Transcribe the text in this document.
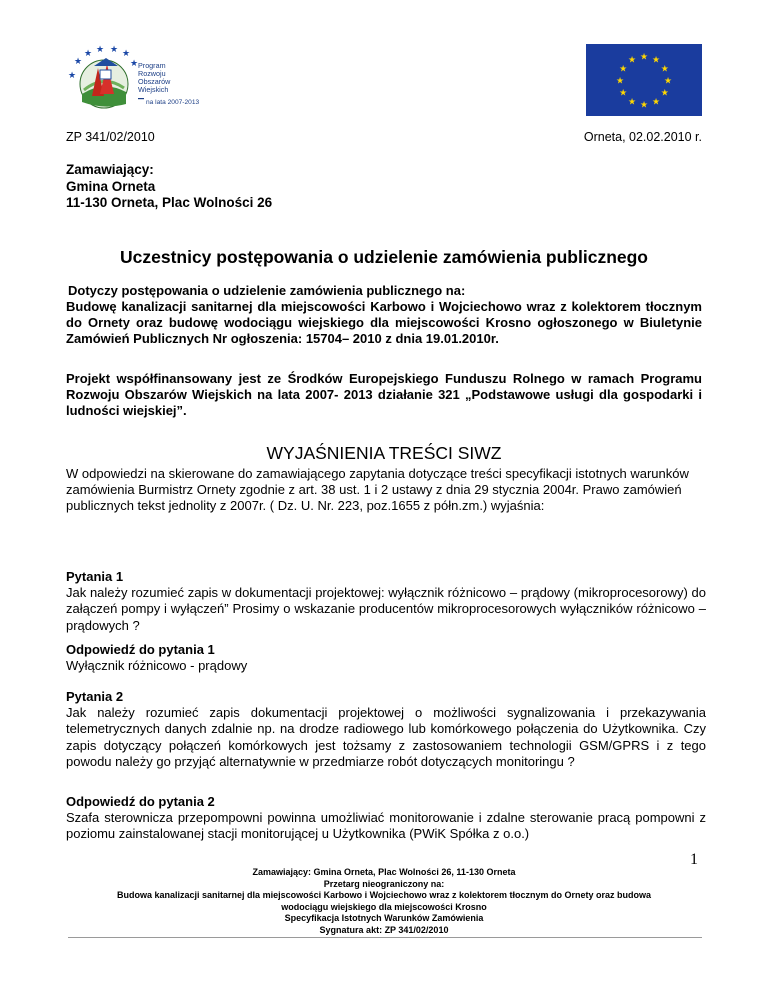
★
★ ★ ★ ★
★
★
Program
Rozwoju
Obszarów
Wiejskich
na lata 2007-2013
★ ★
★
★
★
★
★
★
★
★
★
★
ZP 341/02/2010	Orneta, 02.02.2010 r.
Zamawiający:
Gmina Orneta
11-130 Orneta, Plac Wolności 26
Uczestnicy postępowania o udzielenie zamówienia publicznego
Dotyczy postępowania o udzielenie zamówienia publicznego na:
Budowę kanalizacji sanitarnej dla miejscowości Karbowo i Wojciechowo wraz z kolektorem tłocznym do Ornety oraz budowę wodociągu wiejskiego dla miejscowości Krosno ogłoszonego w Biuletynie Zamówień Publicznych Nr ogłoszenia: 15704– 2010 z dnia 19.01.2010r.
Projekt współfinansowany jest ze Środków Europejskiego Funduszu Rolnego w ramach Programu Rozwoju Obszarów Wiejskich na lata 2007- 2013 działanie 321 „Podstawowe usługi dla gospodarki i ludności wiejskiej”.
WYJAŚNIENIA TREŚCI SIWZ
W odpowiedzi na skierowane do zamawiającego zapytania dotyczące treści specyfikacji istotnych warunków zamówienia Burmistrz Ornety zgodnie z art. 38 ust. 1 i 2 ustawy z dnia 29 stycznia 2004r. Prawo zamówień publicznych tekst jednolity z 2007r. ( Dz. U. Nr. 223, poz.1655 z półn.zm.) wyjaśnia:

Pytania 1

Jak należy rozumieć zapis w dokumentacji projektowej: wyłącznik różnicowo – prądowy (mikroprocesorowy) do załączeń pompy i wyłączeń” Prosimy o wskazanie producentów mikroprocesorowych wyłączników różnicowo – prądowych ?

Odpowiedź do pytania 1

Wyłącznik różnicowo - prądowy

Pytania 2

Jak należy rozumieć zapis dokumentacji projektowej o możliwości sygnalizowania i przekazywania telemetrycznych danych zdalnie np. na drodze radiowego lub komórkowego połączenia do Użytkownika. Czy zapis dotyczący połączeń komórkowych jest tożsamy z zastosowaniem technologii GSM/GPRS i z tego powodu należy go przyjąć alternatywnie w przedmiarze robót dotyczących monitoringu ?

Odpowiedź do pytania 2

Szafa sterownicza przepompowni powinna umożliwiać monitorowanie i zdalne sterowanie pracą pompowni z poziomu zainstalowanej stacji monitorującej u Użytkownika (PWiK Spółka z o.o.)

1
Zamawiający: Gmina Orneta, Plac Wolności 26, 11-130 Orneta
Przetarg nieograniczony na:
Budowa kanalizacji sanitarnej dla miejscowości Karbowo i Wojciechowo wraz z kolektorem tłocznym do Ornety oraz budowa
wodociągu wiejskiego dla miejscowości Krosno
Specyfikacja Istotnych Warunków Zamówienia
Sygnatura akt: ZP 341/02/2010
